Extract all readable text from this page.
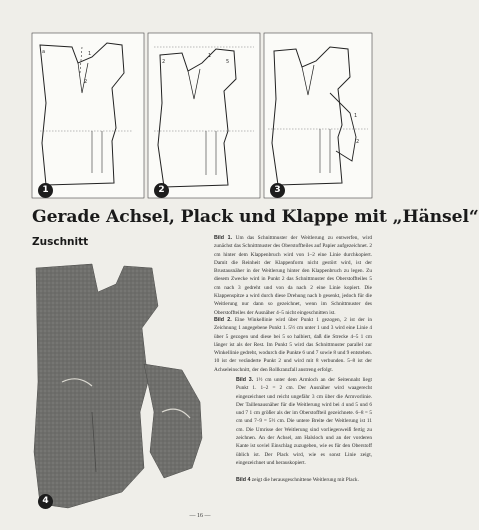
a	1
2
1
2
1
5
2
1
2
3
Gerade Achsel, Plack und Klappe mit „Hänsel“
Zuschnitt
4
Bild 1. Um das Schnittmuster der Weitlerung zu entwerfen, wird zunächst das Schnittmuster des Oberstoffteiles auf Papier aufgezeichnet. 2 cm hinter dem Klappenbruch wird von 1–2 eine Linie durchkopiert. Damit die Reinheit der Klappenform nicht gestört wird, ist der Brustausnäher in der Weitlerung hinter den Klappenbruch zu legen. Zu diesem Zwecke wird in Punkt 2 das Schnittmuster des Oberstoffteiles 5 cm nach 3 gedreht und von da nach 2 eine Linie kopiert. Die Klappenspitze a wird durch diese Drehung nach b gesenkt, jedoch für die Weitlerung nur dann so gezeichnet, wenn im Schnittmuster des Oberstoffteiles der Ausnäher 4–5 nicht eingeschnitten ist.
Bild 2. Eine Winkellinie wird über Punkt 1 gezogen, 2 ist der in Zeichnung 1 angegebene Punkt 1. 5½ cm unter 1 und 3 wird eine Linie 4 über 5 gezogen und diese bei 5 so halbiert, daß die Strecke 4–5 1 cm länger ist als der Rest. Im Punkt 5 wird das Schnittmuster parallel zur Winkellinie gedreht, wodurch die Punkte 6 und 7 sowie 8 und 9 entstehen. 10 ist der veränderte Punkt 2 und wird mit 8 verbunden. 5–8 ist der Achseleinschnitt, der den Rollkranzfall anstreng erfolgt.
Bild 3. 1½ cm unter dem Armloch an der Seitennaht liegt Punkt 1. 1–2 = 2 cm. Der Ausnäher wird waagerecht eingezeichnet und reicht ungefähr 3 cm über die Armvorlinie. Der Taillenausnäher für die Weitlerung wird bei 4 und 5 und 6 und 7 1 cm größer als der im Oberstoffteil gezeichnete. 6–8 = 5 cm und 7–9 = 5½ cm. Die untere Breite der Weitlerung ist 11 cm. Die Umrisse der Weitlerung sind vorliegenweiß fertig zu zeichnen. An der Achsel, am Halsloch und an der vorderen Kante ist soviel Einschlag zuzugeben, wie es für den Oberstoff üblich ist. Der Plack wird, wie es sonst Linie zeigt, eingezeichnet und herauskopiert.
Bild 4 zeigt die herausgeschnittene Weitlerung mit Plack.
— 16 —
